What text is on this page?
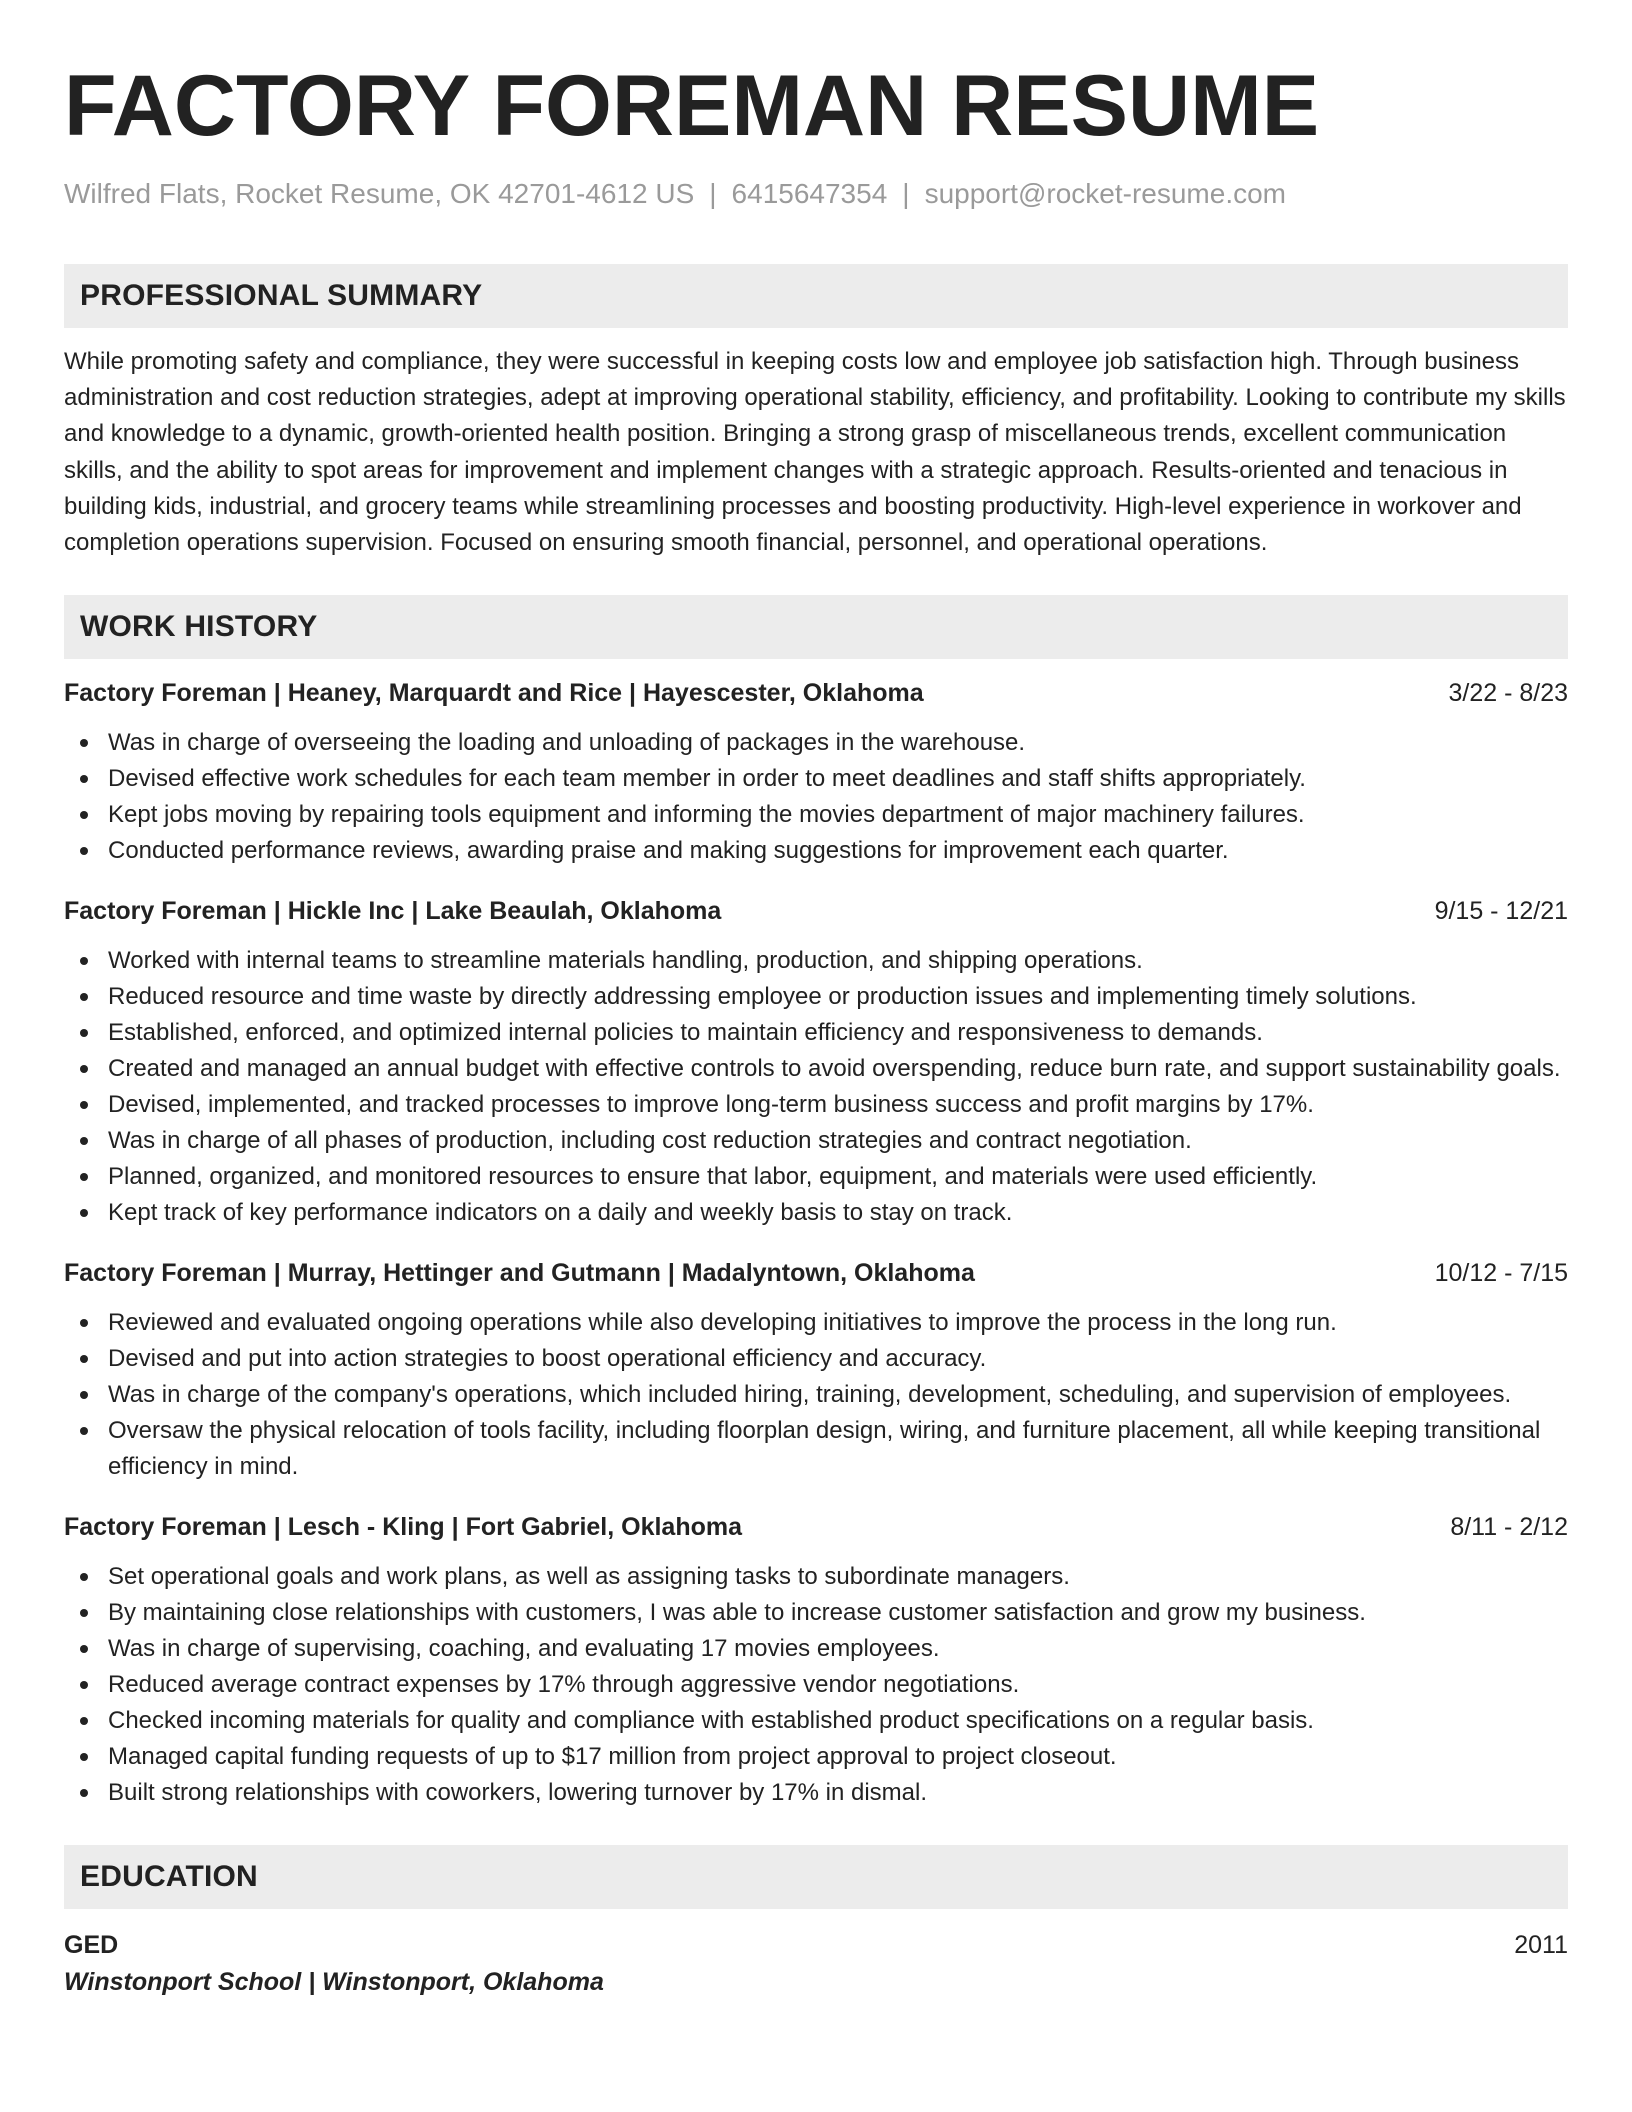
FACTORY FOREMAN RESUME
Wilfred Flats, Rocket Resume, OK 42701-4612 US | 6415647354 | support@rocket-resume.com
PROFESSIONAL SUMMARY

While promoting safety and compliance, they were successful in keeping costs low and employee job satisfaction high. Through business administration and cost reduction strategies, adept at improving operational stability, efficiency, and profitability. Looking to contribute my skills and knowledge to a dynamic, growth-oriented health position. Bringing a strong grasp of miscellaneous trends, excellent communication skills, and the ability to spot areas for improvement and implement changes with a strategic approach. Results-oriented and tenacious in building kids, industrial, and grocery teams while streamlining processes and boosting productivity. High-level experience in workover and completion operations supervision. Focused on ensuring smooth financial, personnel, and operational operations.

WORK HISTORY
Factory Foreman | Heaney, Marquardt and Rice | Hayescester, Oklahoma	3/22 - 8/23
Was in charge of overseeing the loading and unloading of packages in the warehouse.
Devised effective work schedules for each team member in order to meet deadlines and staff shifts appropriately.
Kept jobs moving by repairing tools equipment and informing the movies department of major machinery failures.
Conducted performance reviews, awarding praise and making suggestions for improvement each quarter.
Factory Foreman | Hickle Inc | Lake Beaulah, Oklahoma	9/15 - 12/21
Worked with internal teams to streamline materials handling, production, and shipping operations.
Reduced resource and time waste by directly addressing employee or production issues and implementing timely solutions.
Established, enforced, and optimized internal policies to maintain efficiency and responsiveness to demands.
Created and managed an annual budget with effective controls to avoid overspending, reduce burn rate, and support sustainability goals.
Devised, implemented, and tracked processes to improve long-term business success and profit margins by 17%.
Was in charge of all phases of production, including cost reduction strategies and contract negotiation.
Planned, organized, and monitored resources to ensure that labor, equipment, and materials were used efficiently.
Kept track of key performance indicators on a daily and weekly basis to stay on track.
Factory Foreman | Murray, Hettinger and Gutmann | Madalyntown, Oklahoma	10/12 - 7/15
Reviewed and evaluated ongoing operations while also developing initiatives to improve the process in the long run.
Devised and put into action strategies to boost operational efficiency and accuracy.
Was in charge of the company's operations, which included hiring, training, development, scheduling, and supervision of employees.
Oversaw the physical relocation of tools facility, including floorplan design, wiring, and furniture placement, all while keeping transitional efficiency in mind.
Factory Foreman | Lesch - Kling | Fort Gabriel, Oklahoma	8/11 - 2/12
Set operational goals and work plans, as well as assigning tasks to subordinate managers.
By maintaining close relationships with customers, I was able to increase customer satisfaction and grow my business.
Was in charge of supervising, coaching, and evaluating 17 movies employees.
Reduced average contract expenses by 17% through aggressive vendor negotiations.
Checked incoming materials for quality and compliance with established product specifications on a regular basis.
Managed capital funding requests of up to $17 million from project approval to project closeout.
Built strong relationships with coworkers, lowering turnover by 17% in dismal.
EDUCATION
GED	2011
Winstonport School | Winstonport, Oklahoma
